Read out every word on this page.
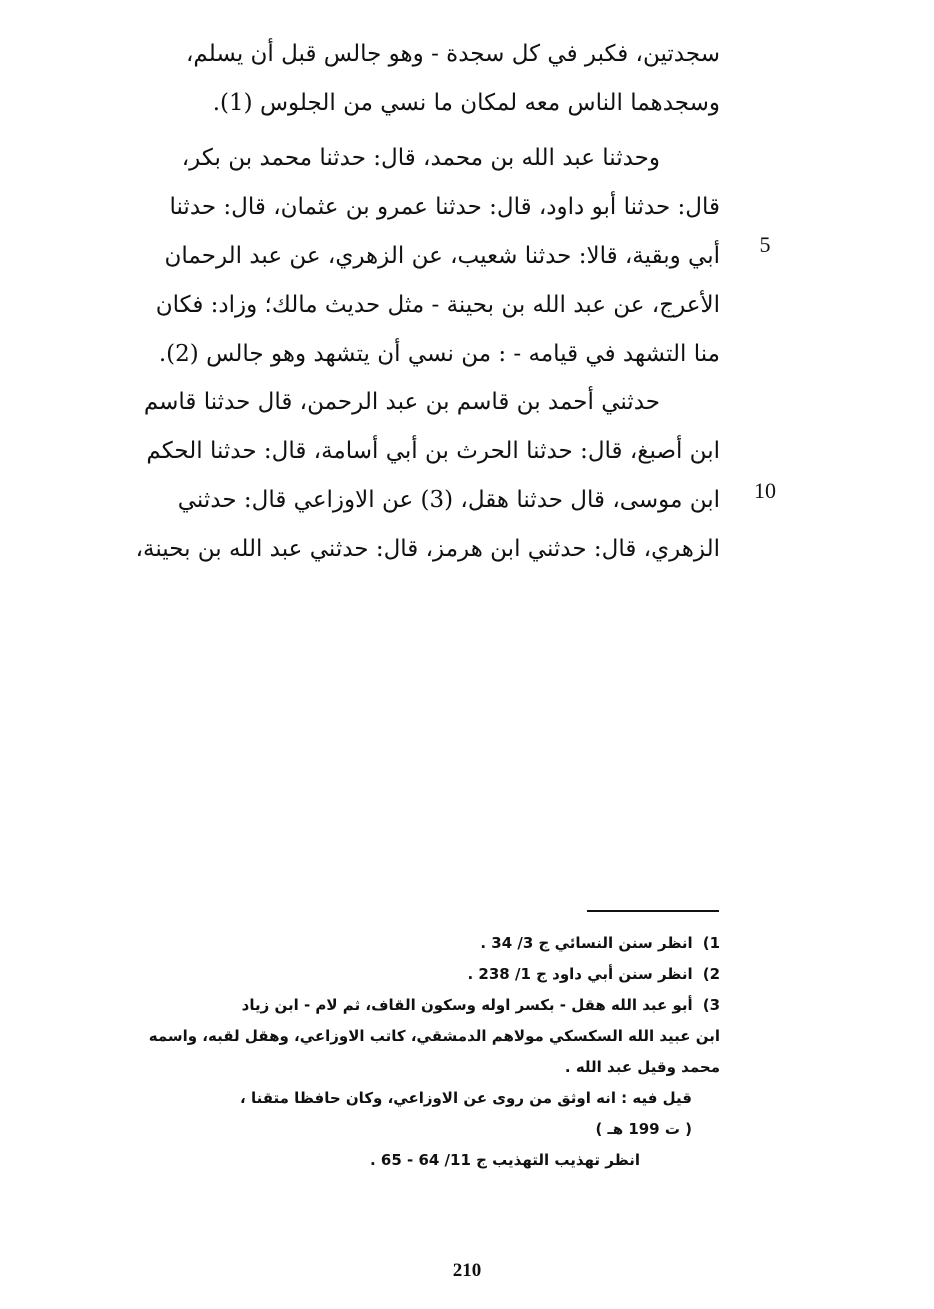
سجدتين، فكبر في كل سجدة - وهو جالس قبل أن يسلم،
وسجدهما الناس معه لمكان ما نسي من الجلوس (1).
وحدثنا عبد الله بن محمد، قال: حدثنا محمد بن بكر،
قال: حدثنا أبو داود، قال: حدثنا عمرو بن عثمان، قال: حدثنا
أبي وبقية، قالا: حدثنا شعيب، عن الزهري، عن عبد الرحمان
الأعرج، عن عبد الله بن بحينة - مثل حديث مالك؛ وزاد: فكان
منا التشهد في قيامه - : من نسي أن يتشهد وهو جالس (2).
حدثني أحمد بن قاسم بن عبد الرحمن، قال حدثنا قاسم
ابن أصبغ، قال: حدثنا الحرث بن أبي أسامة، قال: حدثنا الحكم
ابن موسى، قال حدثنا هقل، (3) عن الاوزاعي قال: حدثني
الزهري، قال: حدثني ابن هرمز، قال: حدثني عبد الله بن بحينة،
5
10
1)انظر سنن النسائي ج 3/ 34 .
2)انظر سنن أبي داود ج 1/ 238 .
3)أبو عبد الله هقل - بكسر اوله وسكون القاف، ثم لام - ابن زياد
ابن عبيد الله السكسكي مولاهم الدمشقي، كاتب الاوزاعي، وهقل لقبه، واسمه
محمد وقيل عبد الله .
قيل فيه : انه اوثق من روى عن الاوزاعي، وكان حافظا متقنا ،
( ت 199 هـ )
انظر تهذيب التهذيب ج 11/ 64 - 65 .
210
